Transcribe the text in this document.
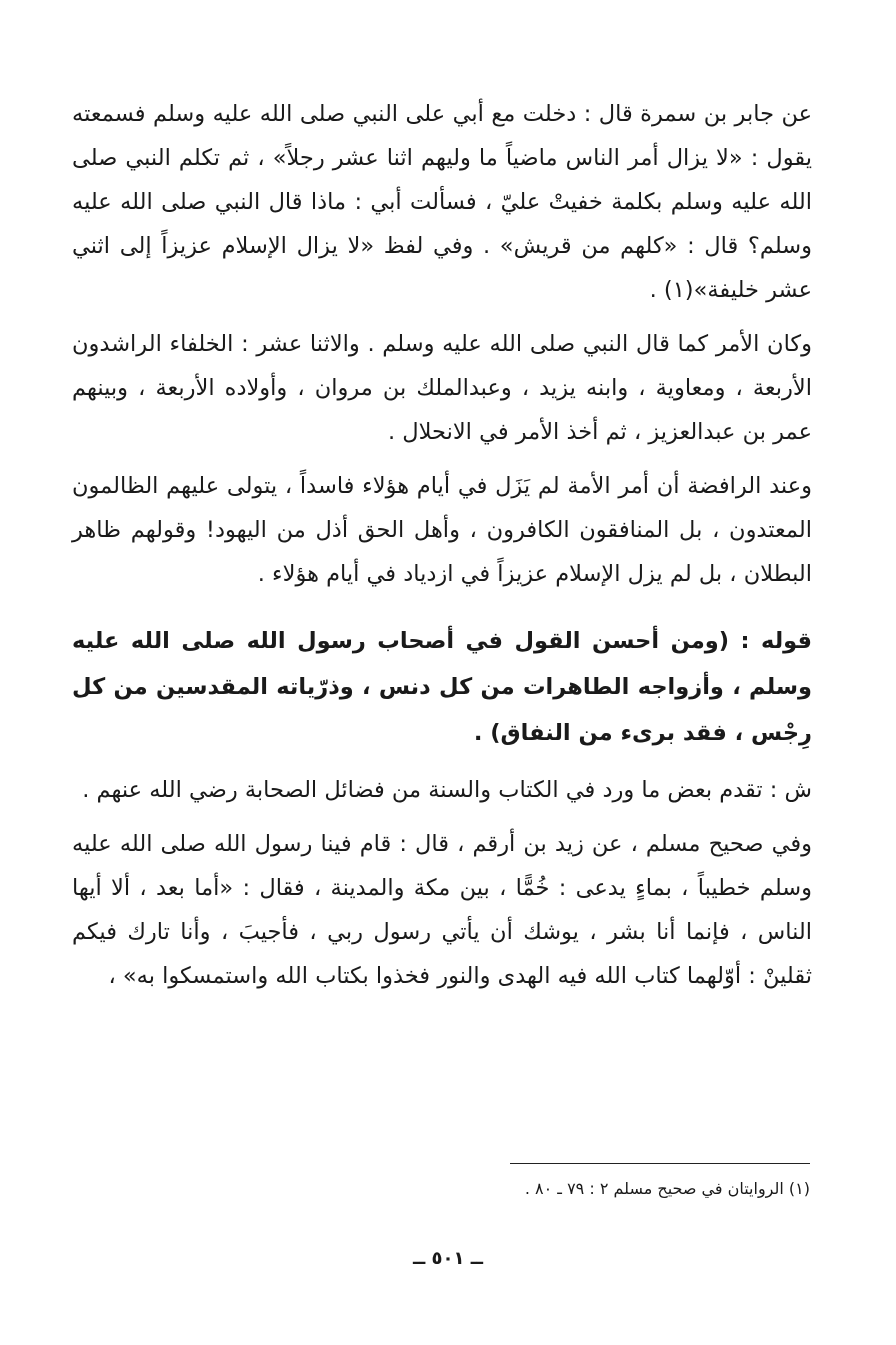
عن جابر بن سمرة قال : دخلت مع أبي على النبي صلى الله عليه وسلم فسمعته يقول : «لا يزال أمر الناس ماضياً ما وليهم اثنا عشر رجلاً» ، ثم تكلم النبي صلى الله عليه وسلم بكلمة خفيتْ عليّ ، فسألت أبي : ماذا قال النبي صلى الله عليه وسلم؟ قال : «كلهم من قريش» . وفي لفظ «لا يزال الإسلام عزيزاً إلى اثني عشر خليفة»(١) .

وكان الأمر كما قال النبي صلى الله عليه وسلم . والاثنا عشر : الخلفاء الراشدون الأربعة ، ومعاوية ، وابنه يزيد ، وعبدالملك بن مروان ، وأولاده الأربعة ، وبينهم عمر بن عبدالعزيز ، ثم أخذ الأمر في الانحلال .

وعند الرافضة أن أمر الأمة لم يَزَل في أيام هؤلاء فاسداً ، يتولى عليهم الظالمون المعتدون ، بل المنافقون الكافرون ، وأهل الحق أذل من اليهود! وقولهم ظاهر البطلان ، بل لم يزل الإسلام عزيزاً في ازدياد في أيام هؤلاء .

قوله : (ومن أحسن القول في أصحاب رسول الله صلى الله عليه وسلم ، وأزواجه الطاهرات من كل دنس ، وذرّياته المقدسين من كل رِجْس ، فقد برىء من النفاق) .

ش : تقدم بعض ما ورد في الكتاب والسنة من فضائل الصحابة رضي الله عنهم .

وفي صحيح مسلم ، عن زيد بن أرقم ، قال : قام فينا رسول الله صلى الله عليه وسلم خطيباً ، بماءٍ يدعى : خُمًّا ، بين مكة والمدينة ، فقال : «أما بعد ، ألا أيها الناس ، فإنما أنا بشر ، يوشك أن يأتي رسول ربي ، فأجيبَ ، وأنا تارك فيكم ثقلينْ : أوّلهما كتاب الله فيه الهدى والنور فخذوا بكتاب الله واستمسكوا به» ،

(١) الروايتان في صحيح مسلم ٢ : ٧٩ ـ ٨٠ .

ــ ٥٠١ ــ
